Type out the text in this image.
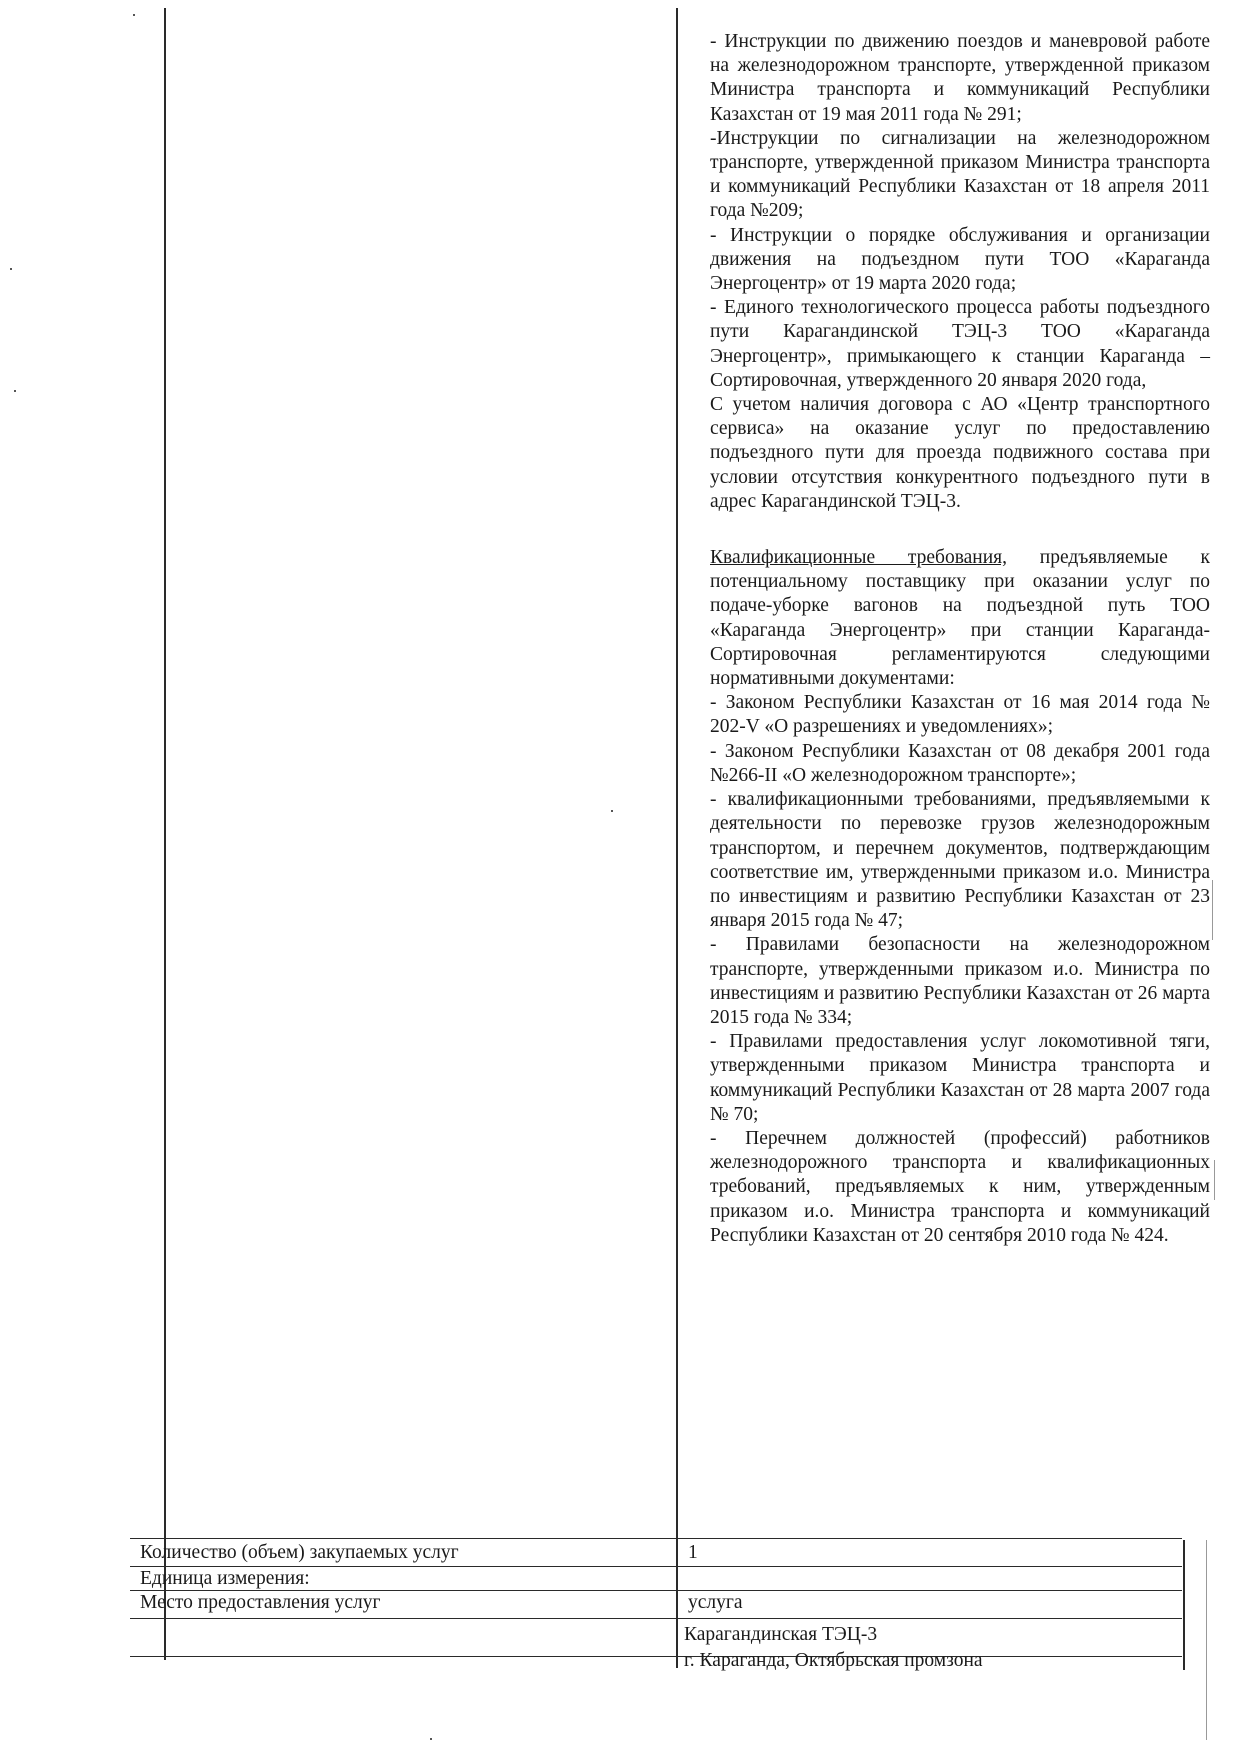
- Инструкции по движению поездов и маневровой работе на железнодорожном транспорте, утвержденной приказом Министра транспорта и коммуникаций Республики Казахстан от 19 мая 2011 года № 291;

-Инструкции по сигнализации на железнодорожном транспорте, утвержденной приказом Министра транспорта и коммуникаций Республики Казахстан от 18 апреля 2011 года №209;

- Инструкции о порядке обслуживания и организации движения на подъездном пути ТОО «Караганда Энергоцентр» от 19 марта 2020 года;

- Единого технологического процесса работы подъездного пути Карагандинской ТЭЦ-3 ТОО «Караганда Энергоцентр», примыкающего к станции Караганда – Сортировочная, утвержденного 20 января 2020 года,

С учетом наличия договора с АО «Центр транспортного сервиса» на оказание услуг по предоставлению подъездного пути для проезда подвижного состава при условии отсутствия конкурентного подъездного пути в адрес Карагандинской ТЭЦ-3.

Квалификационные требования, предъявляемые к потенциальному поставщику при оказании услуг по подаче-уборке вагонов на подъездной путь ТОО «Караганда Энергоцентр» при станции Караганда-Сортировочная регламентируются следующими нормативными документами:

- Законом Республики Казахстан от 16 мая 2014 года № 202-V «О разрешениях и уведомлениях»;

- Законом Республики Казахстан от 08 декабря 2001 года №266-II «О железнодорожном транспорте»;

- квалификационными требованиями, предъявляемыми к деятельности по перевозке грузов железнодорожным транспортом, и перечнем документов, подтверждающим соответствие им, утвержденными приказом и.о. Министра по инвестициям и развитию Республики Казахстан от 23 января 2015 года № 47;

- Правилами безопасности на железнодорожном транспорте, утвержденными приказом и.о. Министра по инвестициям и развитию Республики Казахстан от 26 марта 2015 года № 334;

- Правилами предоставления услуг локомотивной тяги, утвержденными приказом Министра транспорта и коммуникаций Республики Казахстан от 28 марта 2007 года № 70;

- Перечнем должностей (профессий) работников железнодорожного транспорта и квалификационных требований, предъявляемых к ним, утвержденным приказом и.о. Министра транспорта и коммуникаций Республики Казахстан от 20 сентября 2010 года № 424.

Количество (объем) закупаемых услуг	1
Единица измерения:
услуга
Место предоставления услуг
Карагандинская ТЭЦ-3
г. Караганда, Октябрьская промзона
